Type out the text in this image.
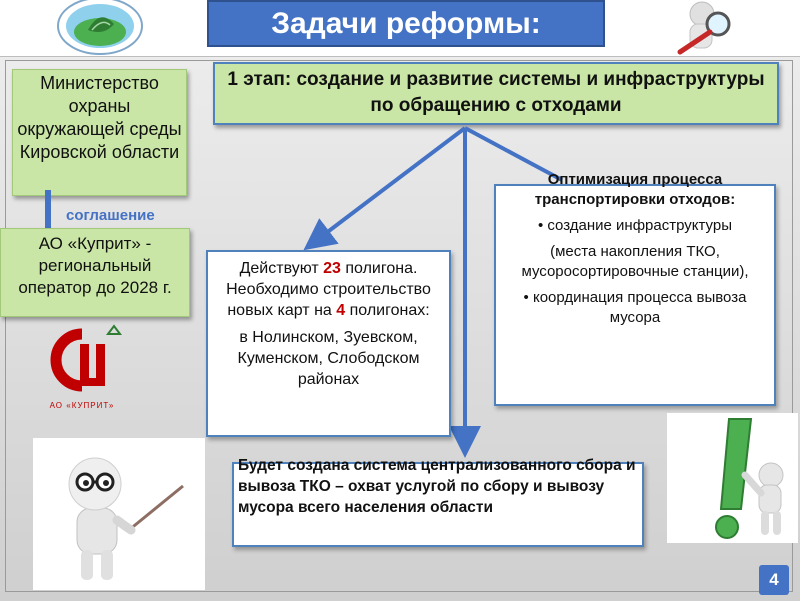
Задачи реформы:
Министерство охраны окружающей среды Кировской области
1 этап: создание и развитие системы и инфраструктуры по обращению с отходами
соглашение
АО «Куприт» - региональный оператор до 2028 г.
АО «КУПРИТ»

Действуют 23 полигона. Необходимо строительство новых карт на 4 полигонах:

в Нолинском, Зуевском, Куменском, Слободском районах

Оптимизация процесса транспортировки отходов:

• создание инфраструктуры

(места накопления ТКО, мусоросортировочные станции),

• координация процесса вывоза мусора

Будет создана система централизованного сбора и вывоза ТКО – охват услугой по сбору и вывозу мусора всего населения области

4
